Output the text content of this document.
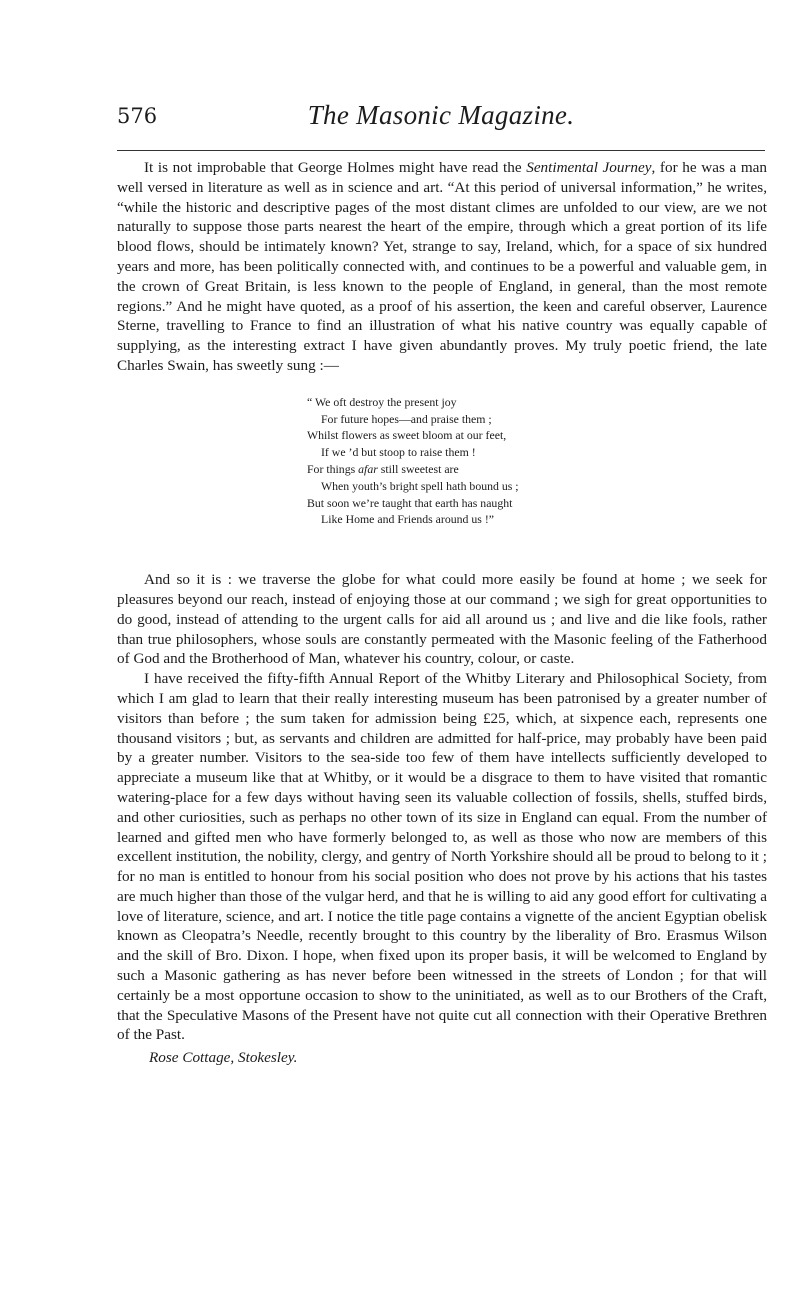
576	The Masonic Magazine.

It is not improbable that George Holmes might have read the Sentimental Journey, for he was a man well versed in literature as well as in science and art. “At this period of universal information,” he writes, “while the historic and descriptive pages of the most distant climes are unfolded to our view, are we not naturally to suppose those parts nearest the heart of the empire, through which a great portion of its life blood flows, should be intimately known? Yet, strange to say, Ireland, which, for a space of six hundred years and more, has been politically connected with, and continues to be a powerful and valuable gem, in the crown of Great Britain, is less known to the people of England, in general, than the most remote regions.” And he might have quoted, as a proof of his assertion, the keen and careful observer, Laurence Sterne, travelling to France to find an illustration of what his native country was equally capable of supplying, as the interesting extract I have given abundantly proves. My truly poetic friend, the late Charles Swain, has sweetly sung :—

“ We oft destroy the present joy
For future hopes—and praise them ;
Whilst flowers as sweet bloom at our feet,
If we ’d but stoop to raise them !
For things afar still sweetest are
When youth’s bright spell hath bound us ;
But soon we’re taught that earth has naught
Like Home and Friends around us !”

And so it is : we traverse the globe for what could more easily be found at home ; we seek for pleasures beyond our reach, instead of enjoying those at our command ; we sigh for great opportunities to do good, instead of attending to the urgent calls for aid all around us ; and live and die like fools, rather than true philosophers, whose souls are constantly permeated with the Masonic feeling of the Fatherhood of God and the Brotherhood of Man, whatever his country, colour, or caste.

I have received the fifty-fifth Annual Report of the Whitby Literary and Philosophical Society, from which I am glad to learn that their really interesting museum has been patronised by a greater number of visitors than before ; the sum taken for admission being £25, which, at sixpence each, represents one thousand visitors ; but, as servants and children are admitted for half-price, may probably have been paid by a greater number. Visitors to the sea-side too few of them have intellects sufficiently developed to appreciate a museum like that at Whitby, or it would be a disgrace to them to have visited that romantic watering-place for a few days without having seen its valuable collection of fossils, shells, stuffed birds, and other curiosities, such as perhaps no other town of its size in England can equal. From the number of learned and gifted men who have formerly belonged to, as well as those who now are members of this excellent institution, the nobility, clergy, and gentry of North Yorkshire should all be proud to belong to it ; for no man is entitled to honour from his social position who does not prove by his actions that his tastes are much higher than those of the vulgar herd, and that he is willing to aid any good effort for cultivating a love of literature, science, and art. I notice the title page contains a vignette of the ancient Egyptian obelisk known as Cleopatra’s Needle, recently brought to this country by the liberality of Bro. Erasmus Wilson and the skill of Bro. Dixon. I hope, when fixed upon its proper basis, it will be welcomed to England by such a Masonic gathering as has never before been witnessed in the streets of London ; for that will certainly be a most opportune occasion to show to the uninitiated, as well as to our Brothers of the Craft, that the Speculative Masons of the Present have not quite cut all connection with their Operative Brethren of the Past.

Rose Cottage, Stokesley.
